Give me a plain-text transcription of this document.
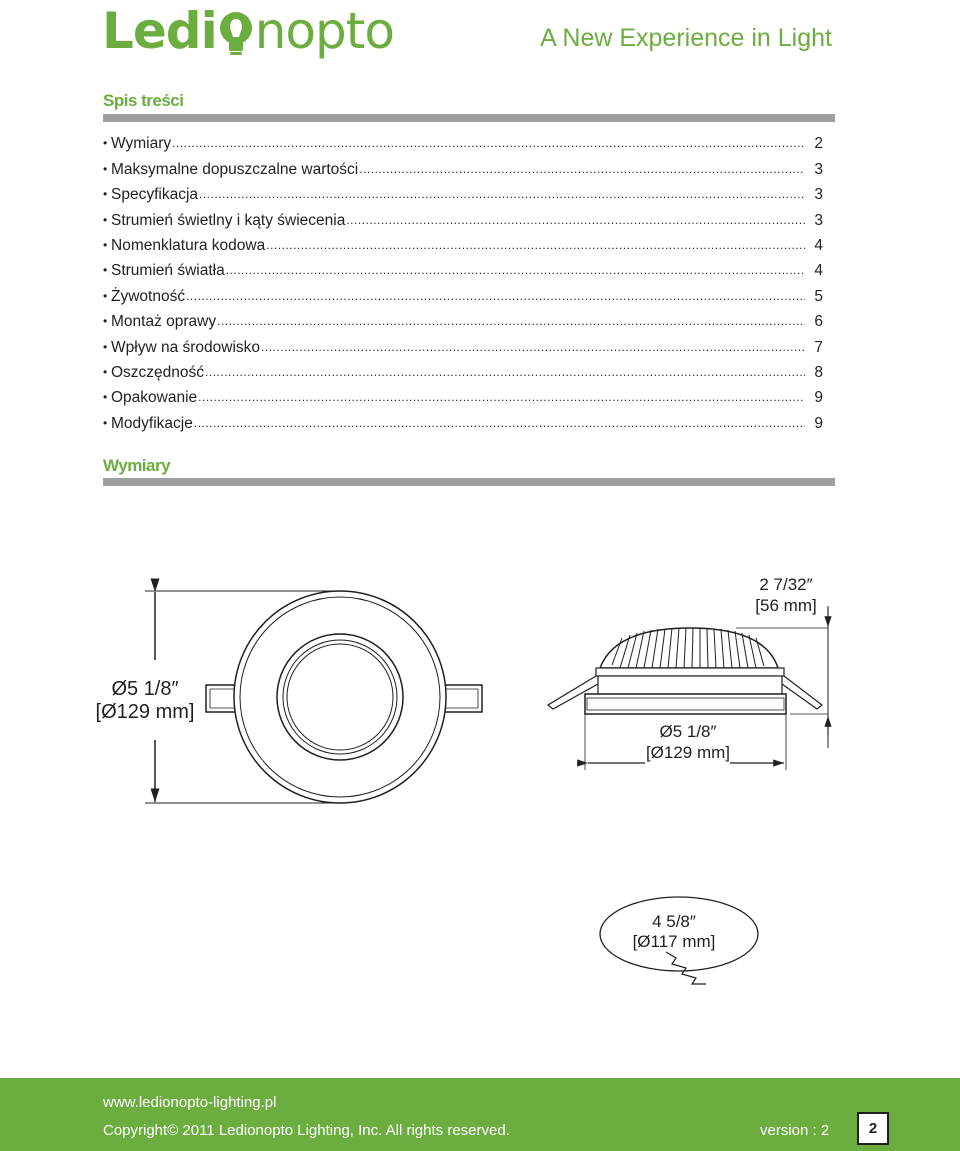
Ledi nopto	A New Experience in Light
Spis treści
• Wymiary .....	2
• Maksymalne dopuszczalne wartości .....	3
• Specyfikacja .....	3
• Strumień świetlny i kąty świecenia .....	3
• Nomenklatura kodowa .....	4
• Strumień światła .....	4
• Żywotność .....	5
• Montaż oprawy .....	6
• Wpływ na środowisko .....	7
• Oszczędność .....	8
• Opakowanie .....	9
• Modyfikacje .....	9
Wymiary
Ø5 1/8″
[Ø129 mm]
2 7/32″
[56 mm]
Ø5 1/8″
[Ø129 mm]
4 5/8″
[Ø117 mm]
www.ledionopto-lighting.pl
Copyright© 2011 Ledionopto Lighting, Inc. All rights reserved.	version : 2	2
